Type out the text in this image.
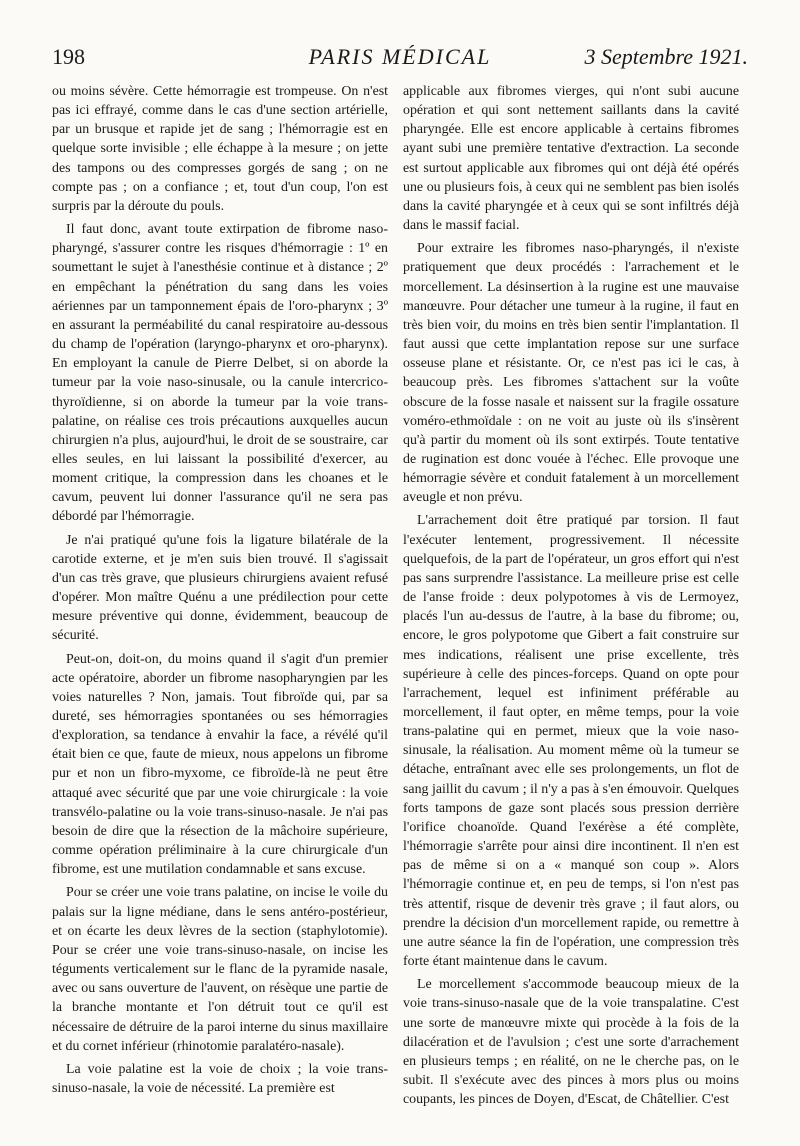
198	PARIS MÉDICAL	3 Septembre 1921.

ou moins sévère. Cette hémorragie est trompeuse. On n'est pas ici effrayé, comme dans le cas d'une section artérielle, par un brusque et rapide jet de sang ; l'hémorragie est en quelque sorte invisible ; elle échappe à la mesure ; on jette des tampons ou des compresses gorgés de sang ; on ne compte pas ; on a confiance ; et, tout d'un coup, l'on est surpris par la déroute du pouls.

Il faut donc, avant toute extirpation de fibrome naso-pharyngé, s'assurer contre les risques d'hémorragie : 1º en soumettant le sujet à l'anesthésie continue et à distance ; 2º en empêchant la pénétration du sang dans les voies aériennes par un tamponnement épais de l'oro-pharynx ; 3º en assurant la perméabilité du canal respiratoire au-dessous du champ de l'opération (laryngo-pharynx et oro-pharynx). En employant la canule de Pierre Delbet, si on aborde la tumeur par la voie naso-sinusale, ou la canule intercrico-thyroïdienne, si on aborde la tumeur par la voie trans-palatine, on réalise ces trois précautions auxquelles aucun chirurgien n'a plus, aujourd'hui, le droit de se soustraire, car elles seules, en lui laissant la possibilité d'exercer, au moment critique, la compression dans les choanes et le cavum, peuvent lui donner l'assurance qu'il ne sera pas débordé par l'hémorragie.

Je n'ai pratiqué qu'une fois la ligature bilatérale de la carotide externe, et je m'en suis bien trouvé. Il s'agissait d'un cas très grave, que plusieurs chirurgiens avaient refusé d'opérer. Mon maître Quénu a une prédilection pour cette mesure préventive qui donne, évidemment, beaucoup de sécurité.

Peut-on, doit-on, du moins quand il s'agit d'un premier acte opératoire, aborder un fibrome nasopharyngien par les voies naturelles ? Non, jamais. Tout fibroïde qui, par sa dureté, ses hémorragies spontanées ou ses hémorragies d'exploration, sa tendance à envahir la face, a révélé qu'il était bien ce que, faute de mieux, nous appelons un fibrome pur et non un fibro-myxome, ce fibroïde-là ne peut être attaqué avec sécurité que par une voie chirurgicale : la voie transvélo-palatine ou la voie trans-sinuso-nasale. Je n'ai pas besoin de dire que la résection de la mâchoire supérieure, comme opération préliminaire à la cure chirurgicale d'un fibrome, est une mutilation condamnable et sans excuse.

Pour se créer une voie trans palatine, on incise le voile du palais sur la ligne médiane, dans le sens antéro-postérieur, et on écarte les deux lèvres de la section (staphylotomie). Pour se créer une voie trans-sinuso-nasale, on incise les téguments verticalement sur le flanc de la pyramide nasale, avec ou sans ouverture de l'auvent, on résèque une partie de la branche montante et l'on détruit tout ce qu'il est nécessaire de détruire de la paroi interne du sinus maxillaire et du cornet inférieur (rhinotomie paralatéro-nasale).

La voie palatine est la voie de choix ; la voie trans-sinuso-nasale, la voie de nécessité. La première est

applicable aux fibromes vierges, qui n'ont subi aucune opération et qui sont nettement saillants dans la cavité pharyngée. Elle est encore applicable à certains fibromes ayant subi une première tentative d'extraction. La seconde est surtout applicable aux fibromes qui ont déjà été opérés une ou plusieurs fois, à ceux qui ne semblent pas bien isolés dans la cavité pharyngée et à ceux qui se sont infiltrés déjà dans le massif facial.

Pour extraire les fibromes naso-pharyngés, il n'existe pratiquement que deux procédés : l'arrachement et le morcellement. La désinsertion à la rugine est une mauvaise manœuvre. Pour détacher une tumeur à la rugine, il faut en très bien voir, du moins en très bien sentir l'implantation. Il faut aussi que cette implantation repose sur une surface osseuse plane et résistante. Or, ce n'est pas ici le cas, à beaucoup près. Les fibromes s'attachent sur la voûte obscure de la fosse nasale et naissent sur la fragile ossature voméro-ethmoïdale : on ne voit au juste où ils s'insèrent qu'à partir du moment où ils sont extirpés. Toute tentative de rugination est donc vouée à l'échec. Elle provoque une hémorragie sévère et conduit fatalement à un morcellement aveugle et non prévu.

L'arrachement doit être pratiqué par torsion. Il faut l'exécuter lentement, progressivement. Il nécessite quelquefois, de la part de l'opérateur, un gros effort qui n'est pas sans surprendre l'assistance. La meilleure prise est celle de l'anse froide : deux polypotomes à vis de Lermoyez, placés l'un au-dessus de l'autre, à la base du fibrome; ou, encore, le gros polypotome que Gibert a fait construire sur mes indications, réalisent une prise excellente, très supérieure à celle des pinces-forceps. Quand on opte pour l'arrachement, lequel est infiniment préférable au morcellement, il faut opter, en même temps, pour la voie trans-palatine qui en permet, mieux que la voie naso-sinusale, la réalisation. Au moment même où la tumeur se détache, entraînant avec elle ses prolongements, un flot de sang jaillit du cavum ; il n'y a pas à s'en émouvoir. Quelques forts tampons de gaze sont placés sous pression derrière l'orifice choanoïde. Quand l'exérèse a été complète, l'hémorragie s'arrête pour ainsi dire incontinent. Il n'en est pas de même si on a « manqué son coup ». Alors l'hémorragie continue et, en peu de temps, si l'on n'est pas très attentif, risque de devenir très grave ; il faut alors, ou prendre la décision d'un morcellement rapide, ou remettre à une autre séance la fin de l'opération, une compression très forte étant maintenue dans le cavum.

Le morcellement s'accommode beaucoup mieux de la voie trans-sinuso-nasale que de la voie transpalatine. C'est une sorte de manœuvre mixte qui procède à la fois de la dilacération et de l'avulsion ; c'est une sorte d'arrachement en plusieurs temps ; en réalité, on ne le cherche pas, on le subit. Il s'exécute avec des pinces à mors plus ou moins coupants, les pinces de Doyen, d'Escat, de Châtellier. C'est
